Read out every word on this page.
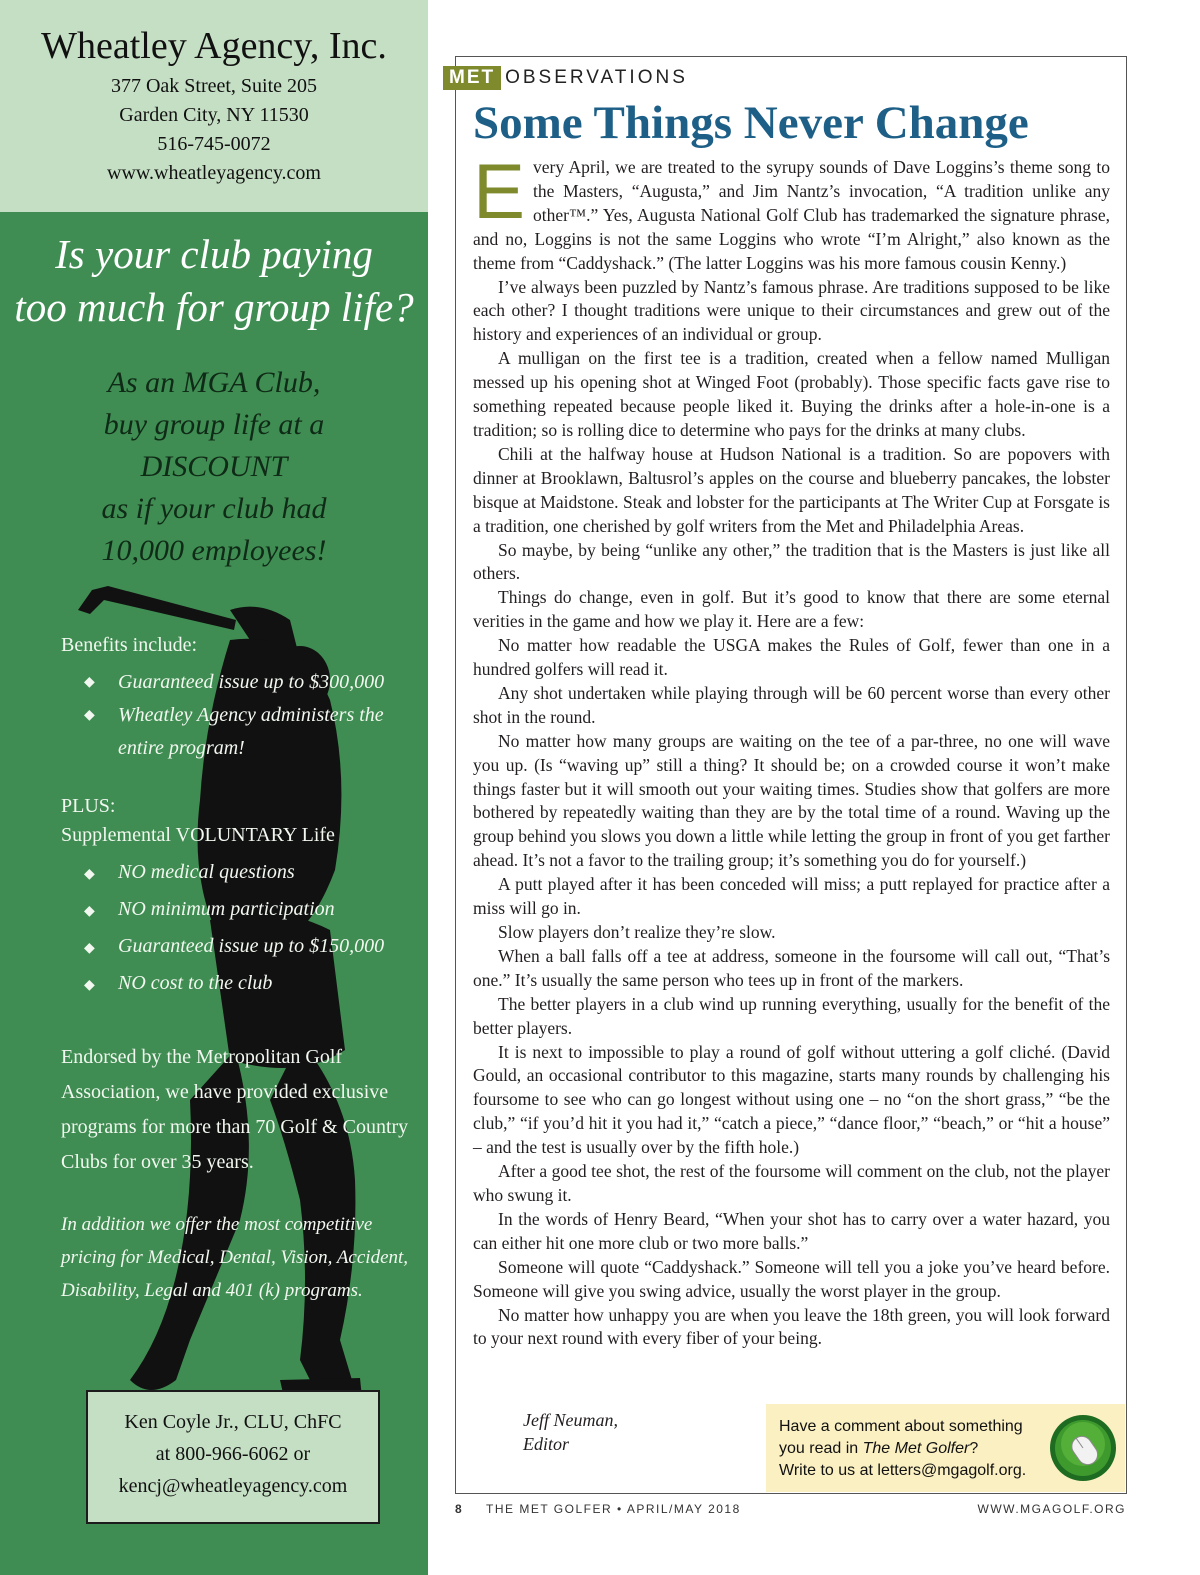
Wheatley Agency, Inc.
377 Oak Street, Suite 205
Garden City, NY 11530
516-745-0072
www.wheatleyagency.com
Is your club paying
too much for group life?
As an MGA Club,
buy group life at a
DISCOUNT
as if your club had
10,000 employees!
Benefits include:
◆ Guaranteed issue up to $300,000
◆ Wheatley Agency administers the entire program!
PLUS:
Supplemental VOLUNTARY Life
◆ NO medical questions
◆ NO minimum participation
◆ Guaranteed issue up to $150,000
◆ NO cost to the club
Endorsed by the Metropolitan Golf Association, we have provided exclusive programs for more than 70 Golf & Country Clubs for over 35 years.
In addition we offer the most competitive pricing for Medical, Dental, Vision, Accident, Disability, Legal and 401 (k) programs.
Ken Coyle Jr., CLU, ChFC
at 800-966-6062 or
kencj@wheatleyagency.com
MET OBSERVATIONS
Some Things Never Change

Every April, we are treated to the syrupy sounds of Dave Loggins’s theme song to the Masters, “Augusta,” and Jim Nantz’s invocation, “A tradition unlike any other™.” Yes, Augusta National Golf Club has trademarked the signature phrase, and no, Loggins is not the same Loggins who wrote “I’m Alright,” also known as the theme from “Caddyshack.” (The latter Loggins was his more famous cousin Kenny.)

I’ve always been puzzled by Nantz’s famous phrase. Are traditions supposed to be like each other? I thought traditions were unique to their circumstances and grew out of the history and experiences of an individual or group.

A mulligan on the first tee is a tradition, created when a fellow named Mulligan messed up his opening shot at Winged Foot (probably). Those specific facts gave rise to something repeated because people liked it. Buying the drinks after a hole-in-one is a tradition; so is rolling dice to determine who pays for the drinks at many clubs.

Chili at the halfway house at Hudson National is a tradition. So are popovers with dinner at Brooklawn, Baltusrol’s apples on the course and blueberry pancakes, the lobster bisque at Maidstone. Steak and lobster for the participants at The Writer Cup at Forsgate is a tradition, one cherished by golf writers from the Met and Philadelphia Areas.

So maybe, by being “unlike any other,” the tradition that is the Masters is just like all others.

Things do change, even in golf. But it’s good to know that there are some eternal verities in the game and how we play it. Here are a few:

No matter how readable the USGA makes the Rules of Golf, fewer than one in a hundred golfers will read it.

Any shot undertaken while playing through will be 60 percent worse than every other shot in the round.

No matter how many groups are waiting on the tee of a par-three, no one will wave you up. (Is “waving up” still a thing? It should be; on a crowded course it won’t make things faster but it will smooth out your waiting times. Studies show that golfers are more bothered by repeatedly waiting than they are by the total time of a round. Waving up the group behind you slows you down a little while letting the group in front of you get farther ahead. It’s not a favor to the trailing group; it’s something you do for yourself.)

A putt played after it has been conceded will miss; a putt replayed for practice after a miss will go in.

Slow players don’t realize they’re slow.

When a ball falls off a tee at address, someone in the foursome will call out, “That’s one.” It’s usually the same person who tees up in front of the markers.

The better players in a club wind up running everything, usually for the benefit of the better players.

It is next to impossible to play a round of golf without uttering a golf cliché. (David Gould, an occasional contributor to this magazine, starts many rounds by challenging his foursome to see who can go longest without using one – no “on the short grass,” “be the club,” “if you’d hit it you had it,” “catch a piece,” “dance floor,” “beach,” or “hit a house” – and the test is usually over by the fifth hole.)

After a good tee shot, the rest of the foursome will comment on the club, not the player who swung it.

In the words of Henry Beard, “When your shot has to carry over a water hazard, you can either hit one more club or two more balls.”

Someone will quote “Caddyshack.” Someone will tell you a joke you’ve heard before. Someone will give you swing advice, usually the worst player in the group.

No matter how unhappy you are when you leave the 18th green, you will look forward to your next round with every fiber of your being.

Jeff Neuman,
Editor
Have a comment about something
you read in The Met Golfer?
Write to us at letters@mgagolf.org.
8 THE MET GOLFER • APRIL/MAY 2018	WWW.MGAGOLF.ORG
